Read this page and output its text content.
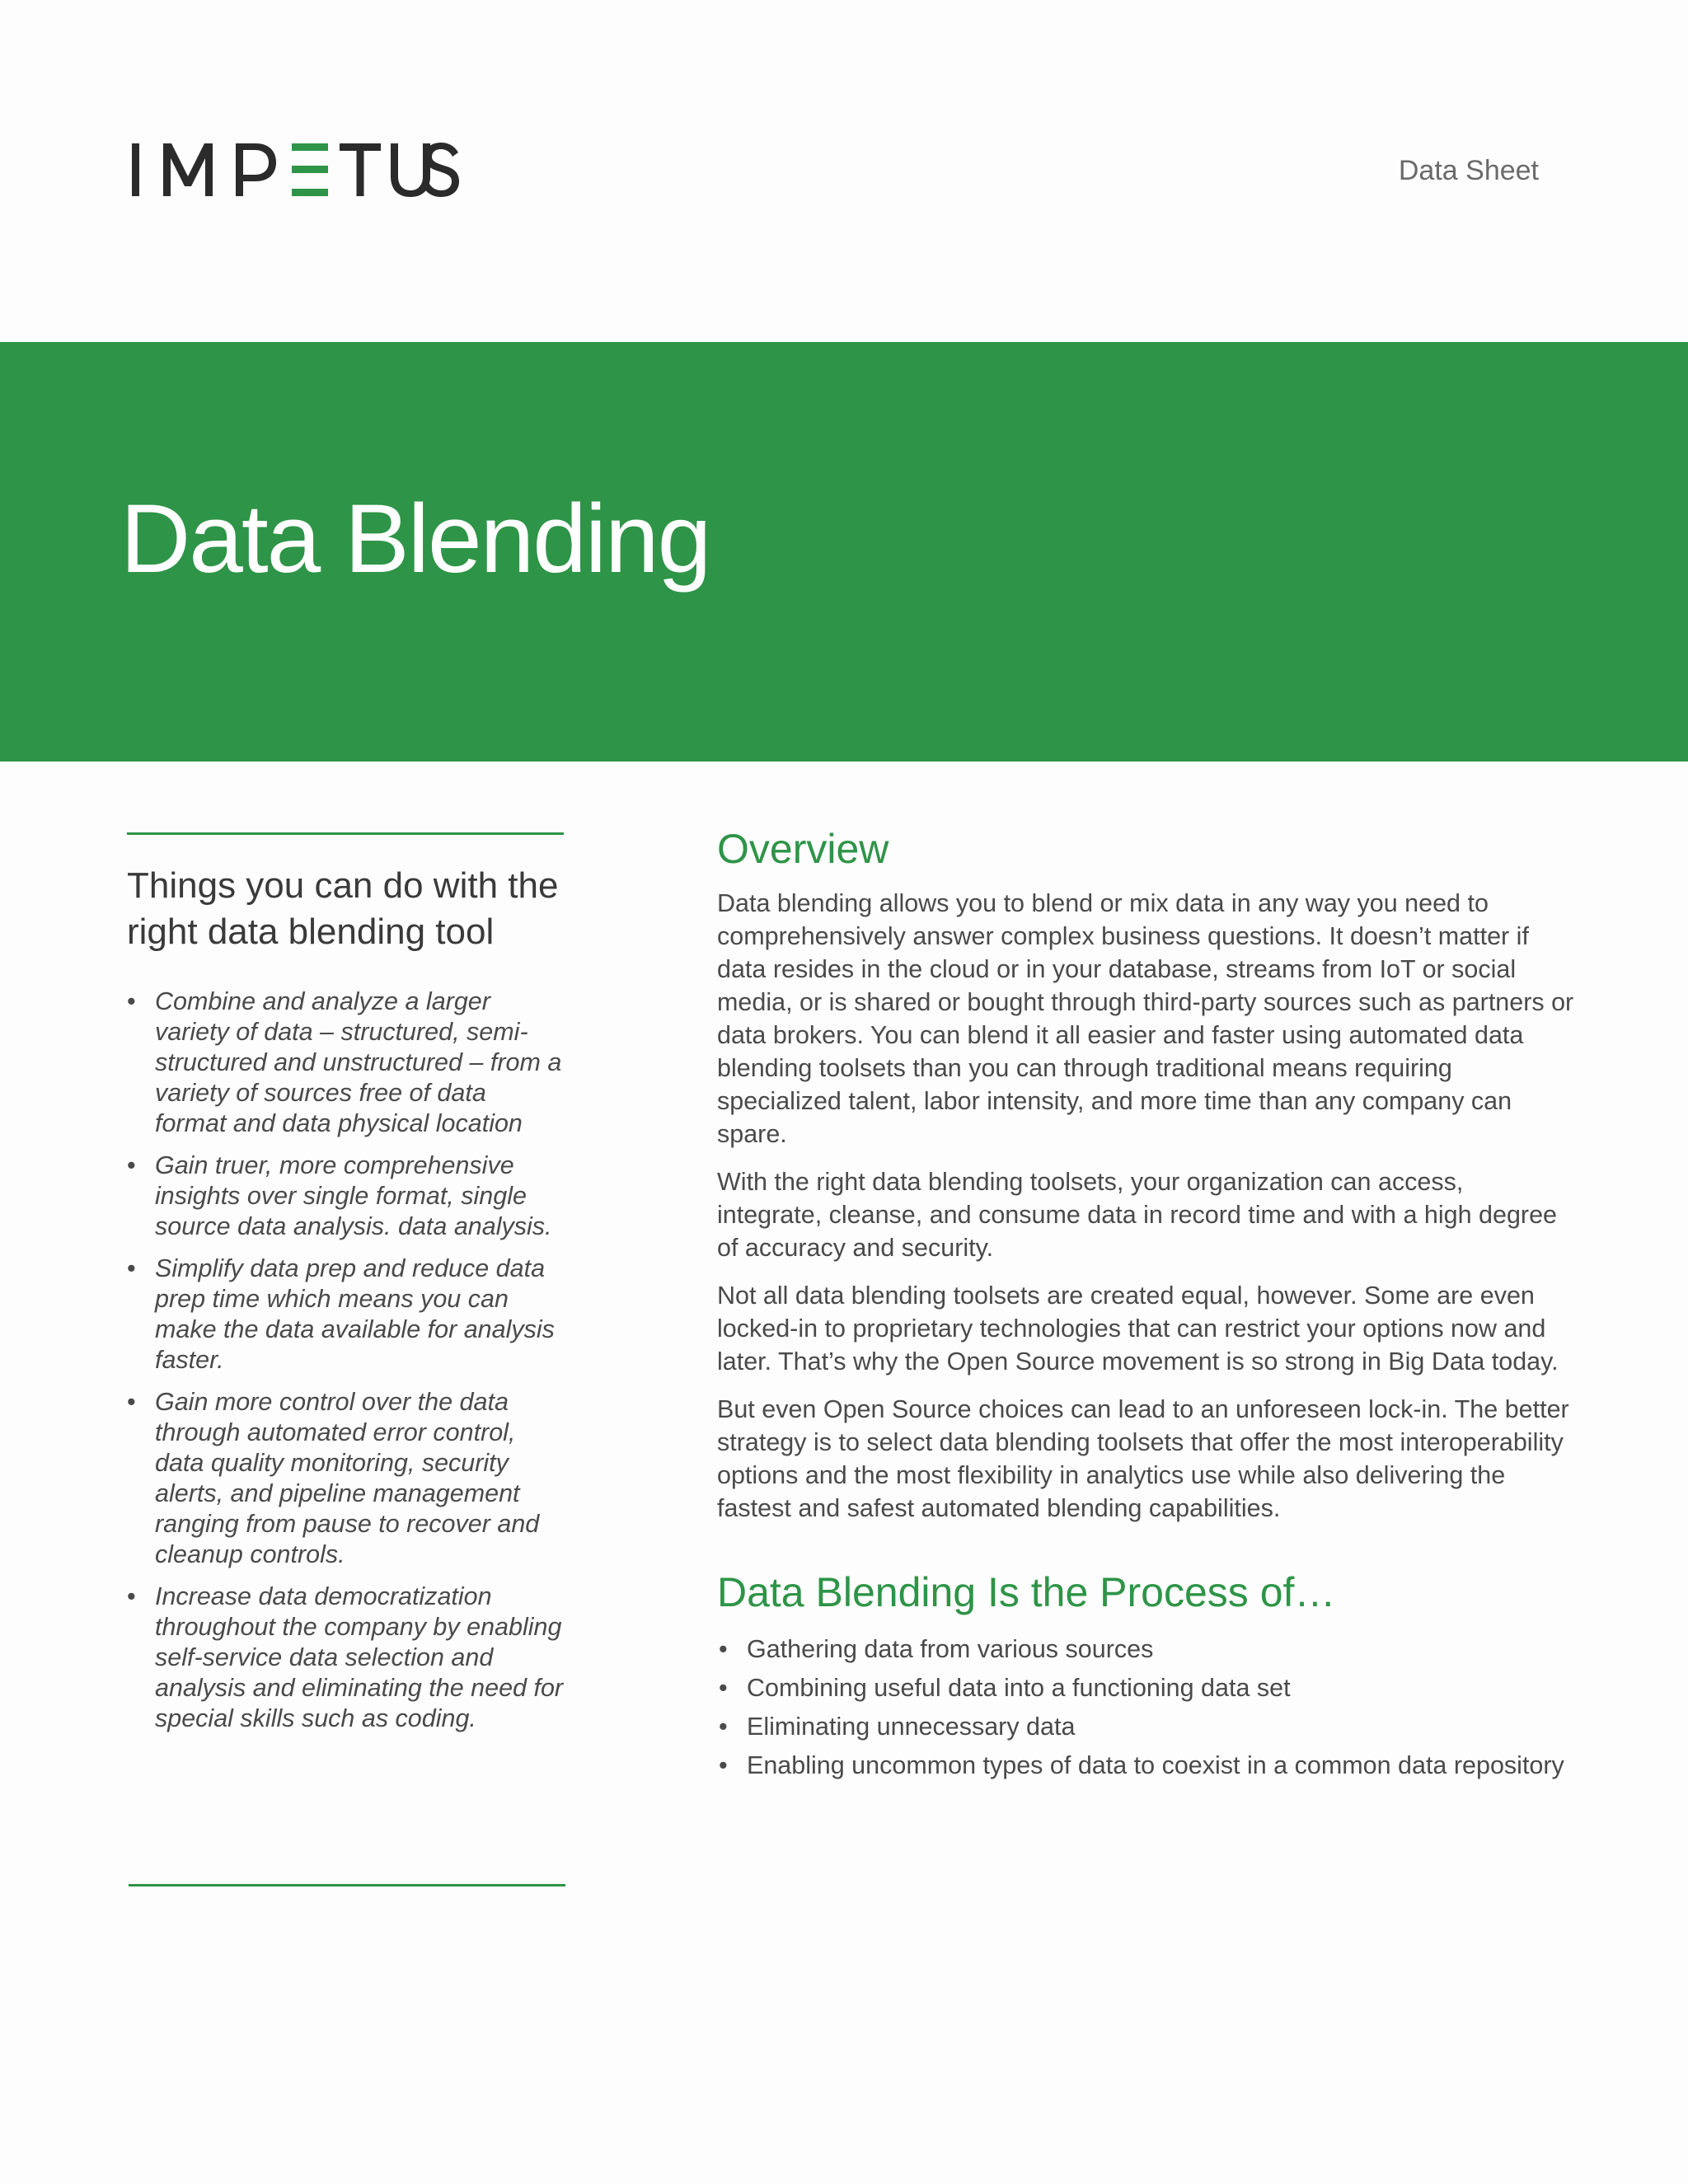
Data Sheet
Data Blending
Things you can do with the right data blending tool
• Combine and analyze a larger variety of data – structured, semi-structured and unstructured – from a variety of sources free of data format and data physical location
• Gain truer, more comprehensive insights over single format, single source data analysis. data analysis.
• Simplify data prep and reduce data prep time which means you can make the data available for analysis faster.
• Gain more control over the data through automated error control, data quality monitoring, security alerts, and pipeline management ranging from pause to recover and cleanup controls.
• Increase data democratization throughout the company by enabling self-service data selection and analysis and eliminating the need for special skills such as coding.
Overview

Data blending allows you to blend or mix data in any way you need to comprehensively answer complex business questions. It doesn’t matter if data resides in the cloud or in your database, streams from IoT or social media, or is shared or bought through third-party sources such as partners or data brokers. You can blend it all easier and faster using automated data blending toolsets than you can through traditional means requiring specialized talent, labor intensity, and more time than any company can spare.

With the right data blending toolsets, your organization can access, integrate, cleanse, and consume data in record time and with a high degree of accuracy and security.

Not all data blending toolsets are created equal, however. Some are even locked-in to proprietary technologies that can restrict your options now and later. That’s why the Open Source movement is so strong in Big Data today.

But even Open Source choices can lead to an unforeseen lock-in. The better strategy is to select data blending toolsets that offer the most interoperability options and the most flexibility in analytics use while also delivering the fastest and safest automated blending capabilities.

Data Blending Is the Process of…
• Gathering data from various sources
• Combining useful data into a functioning data set
• Eliminating unnecessary data
• Enabling uncommon types of data to coexist in a common data repository
